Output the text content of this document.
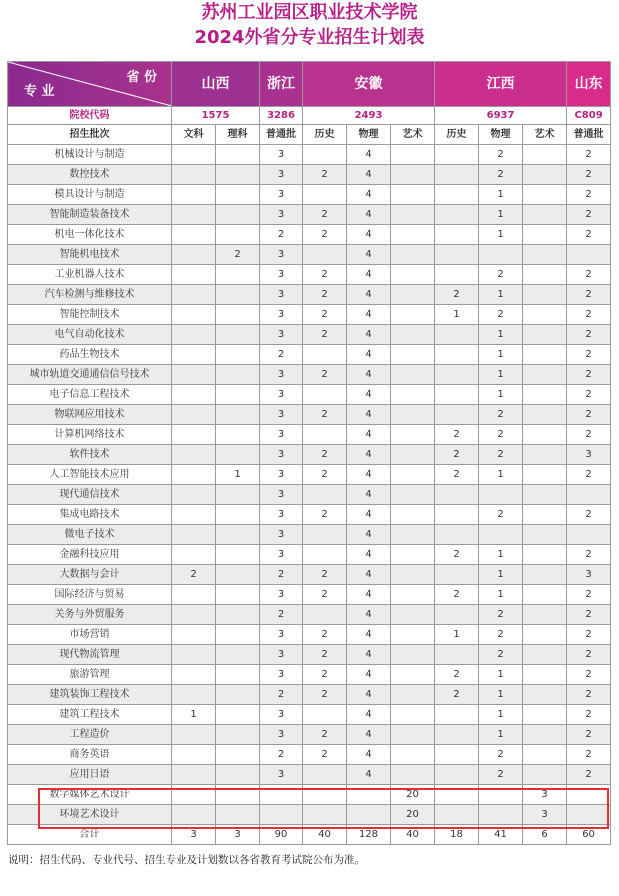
苏州工业园区职业技术学院
2024外省分专业招生计划表
省 份
专 业	山西		浙江	安徽			江西			山东
院校代码	1575		3286	2493			6937			C809
招生批次	文科	理科	普通批	历史	物理	艺术	历史	物理	艺术	普通批
机械设计与制造			3		4			2		2
数控技术			3	2	4			2		2
模具设计与制造			3		4			1		2
智能制造装备技术			3	2	4			1		2
机电一体化技术			2	2	4			1		2
智能机电技术		2	3		4					
工业机器人技术			3	2	4			2		2
汽车检测与维修技术			3	2	4		2	1		2
智能控制技术			3	2	4		1	2		2
电气自动化技术			3	2	4			1		2
药品生物技术			2		4			1		2
城市轨道交通通信信号技术			3	2	4			1		2
电子信息工程技术			3		4			1		2
物联网应用技术			3	2	4			2		2
计算机网络技术			3		4		2	2		2
软件技术			3	2	4		2	2		3
人工智能技术应用		1	3	2	4		2	1		2
现代通信技术			3		4					
集成电路技术			3	2	4			2		2
微电子技术			3		4					
金融科技应用			3		4		2	1		2
大数据与会计	2		2	2	4			1		3
国际经济与贸易			3	2	4		2	1		2
关务与外贸服务			2		4			2		2
市场营销			3	2	4		1	2		2
现代物流管理			3	2	4			2		2
旅游管理			3	2	4		2	1		2
建筑装饰工程技术			2	2	4		2	1		2
建筑工程技术	1		3		4			1		2
工程造价			3	2	4			1		2
商务英语			2	2	4			2		2
应用日语			3		4			2		2
数字媒体艺术设计						20			3	
环境艺术设计						20			3	
合计	3	3	90	40	128	40	18	41	6	60
说明：招生代码、专业代号、招生专业及计划数以各省教育考试院公布为准。
